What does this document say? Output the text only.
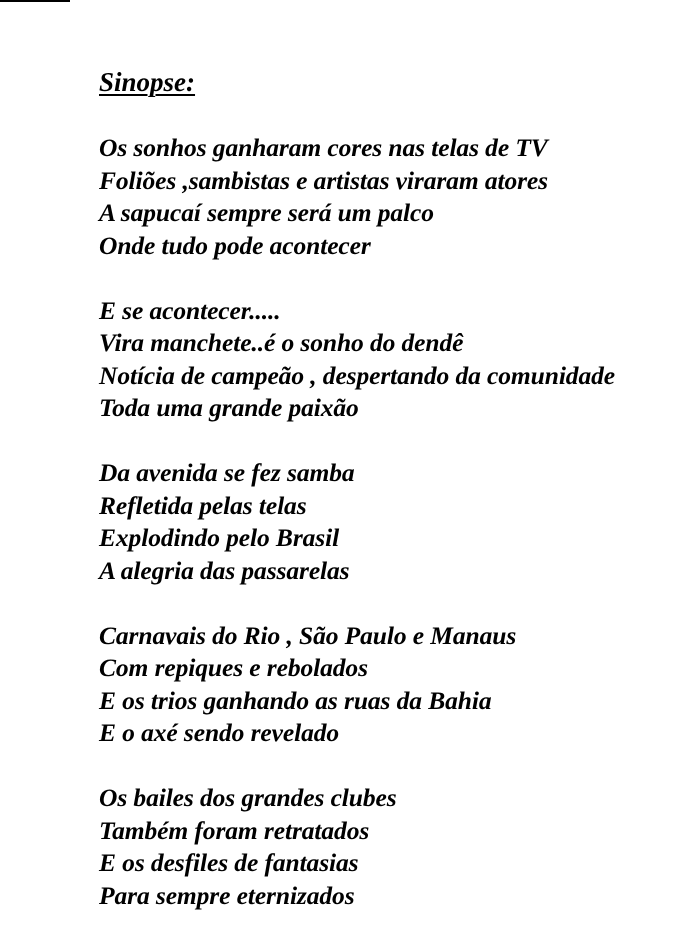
Sinopse:
Os sonhos ganharam cores nas telas de TV
Foliões ,sambistas e artistas viraram atores
A sapucaí sempre será um palco
Onde tudo pode acontecer
E se acontecer.....
Vira manchete..é o sonho do dendê
Notícia de campeão , despertando da comunidade
Toda uma grande paixão
Da avenida se fez samba
Refletida pelas telas
Explodindo pelo Brasil
A alegria das passarelas
Carnavais do Rio , São Paulo e Manaus
Com repiques e rebolados
E os trios ganhando as ruas da Bahia
E o axé sendo revelado
Os bailes dos grandes clubes
Também foram retratados
E os desfiles de fantasias
Para sempre eternizados
